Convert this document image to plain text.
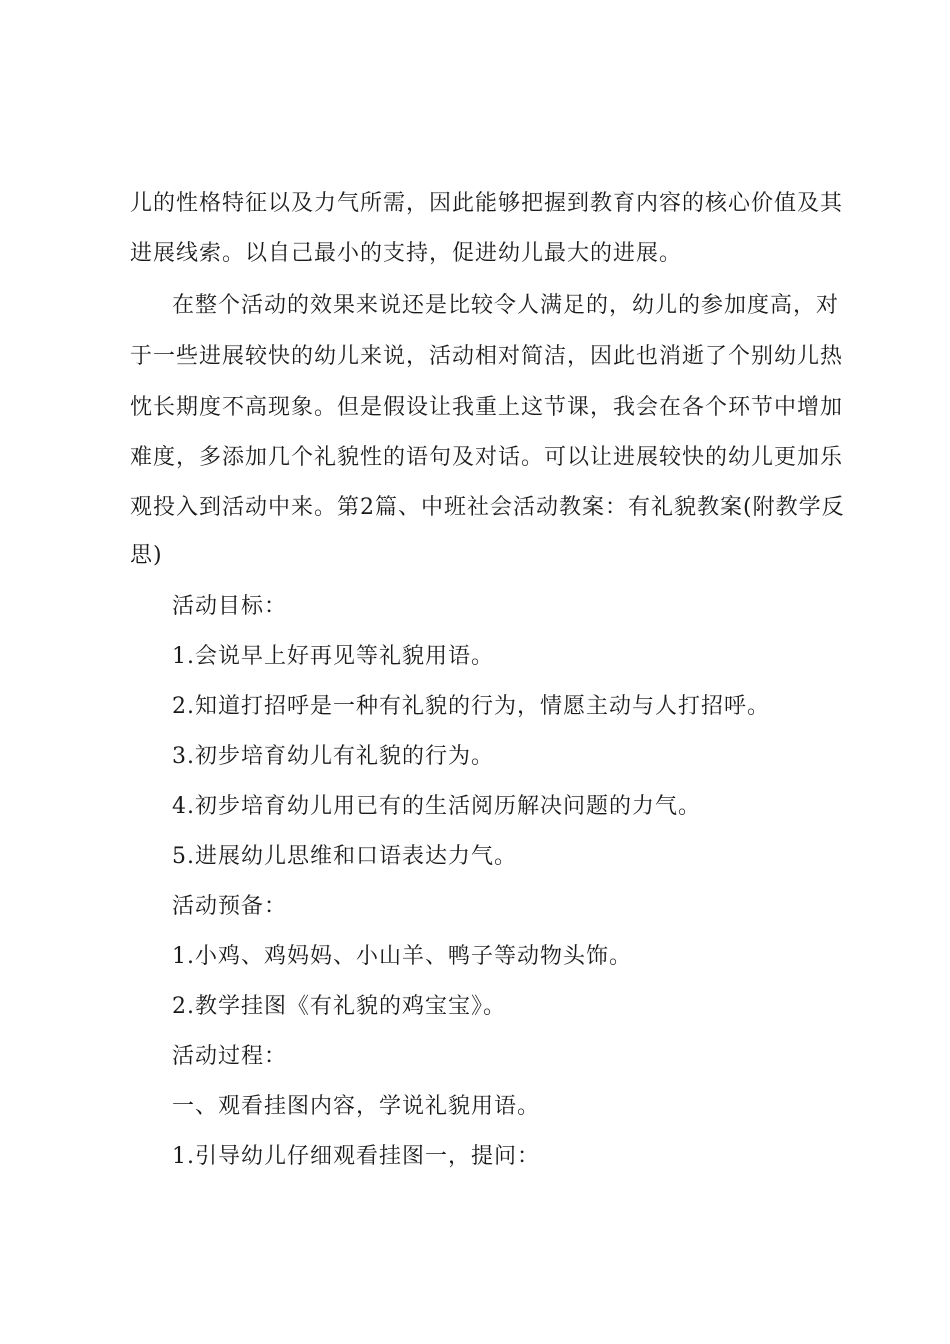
儿的性格特征以及力气所需，因此能够把握到教育内容的核心价值及其
进展线索。以自己最小的支持，促进幼儿最大的进展。
在整个活动的效果来说还是比较令人满足的，幼儿的参加度高，对
于一些进展较快的幼儿来说，活动相对简洁，因此也消逝了个别幼儿热
忱长期度不高现象。但是假设让我重上这节课，我会在各个环节中增加
难度，多添加几个礼貌性的语句及对话。可以让进展较快的幼儿更加乐
观投入到活动中来。第2篇、中班社会活动教案：有礼貌教案(附教学反
思)
活动目标：
1.会说早上好再见等礼貌用语。
2.知道打招呼是一种有礼貌的行为，情愿主动与人打招呼。
3.初步培育幼儿有礼貌的行为。
4.初步培育幼儿用已有的生活阅历解决问题的力气。
5.进展幼儿思维和口语表达力气。
活动预备：
1.小鸡、鸡妈妈、小山羊、鸭子等动物头饰。
2.教学挂图《有礼貌的鸡宝宝》。
活动过程：
一、观看挂图内容，学说礼貌用语。
1.引导幼儿仔细观看挂图一，提问：
